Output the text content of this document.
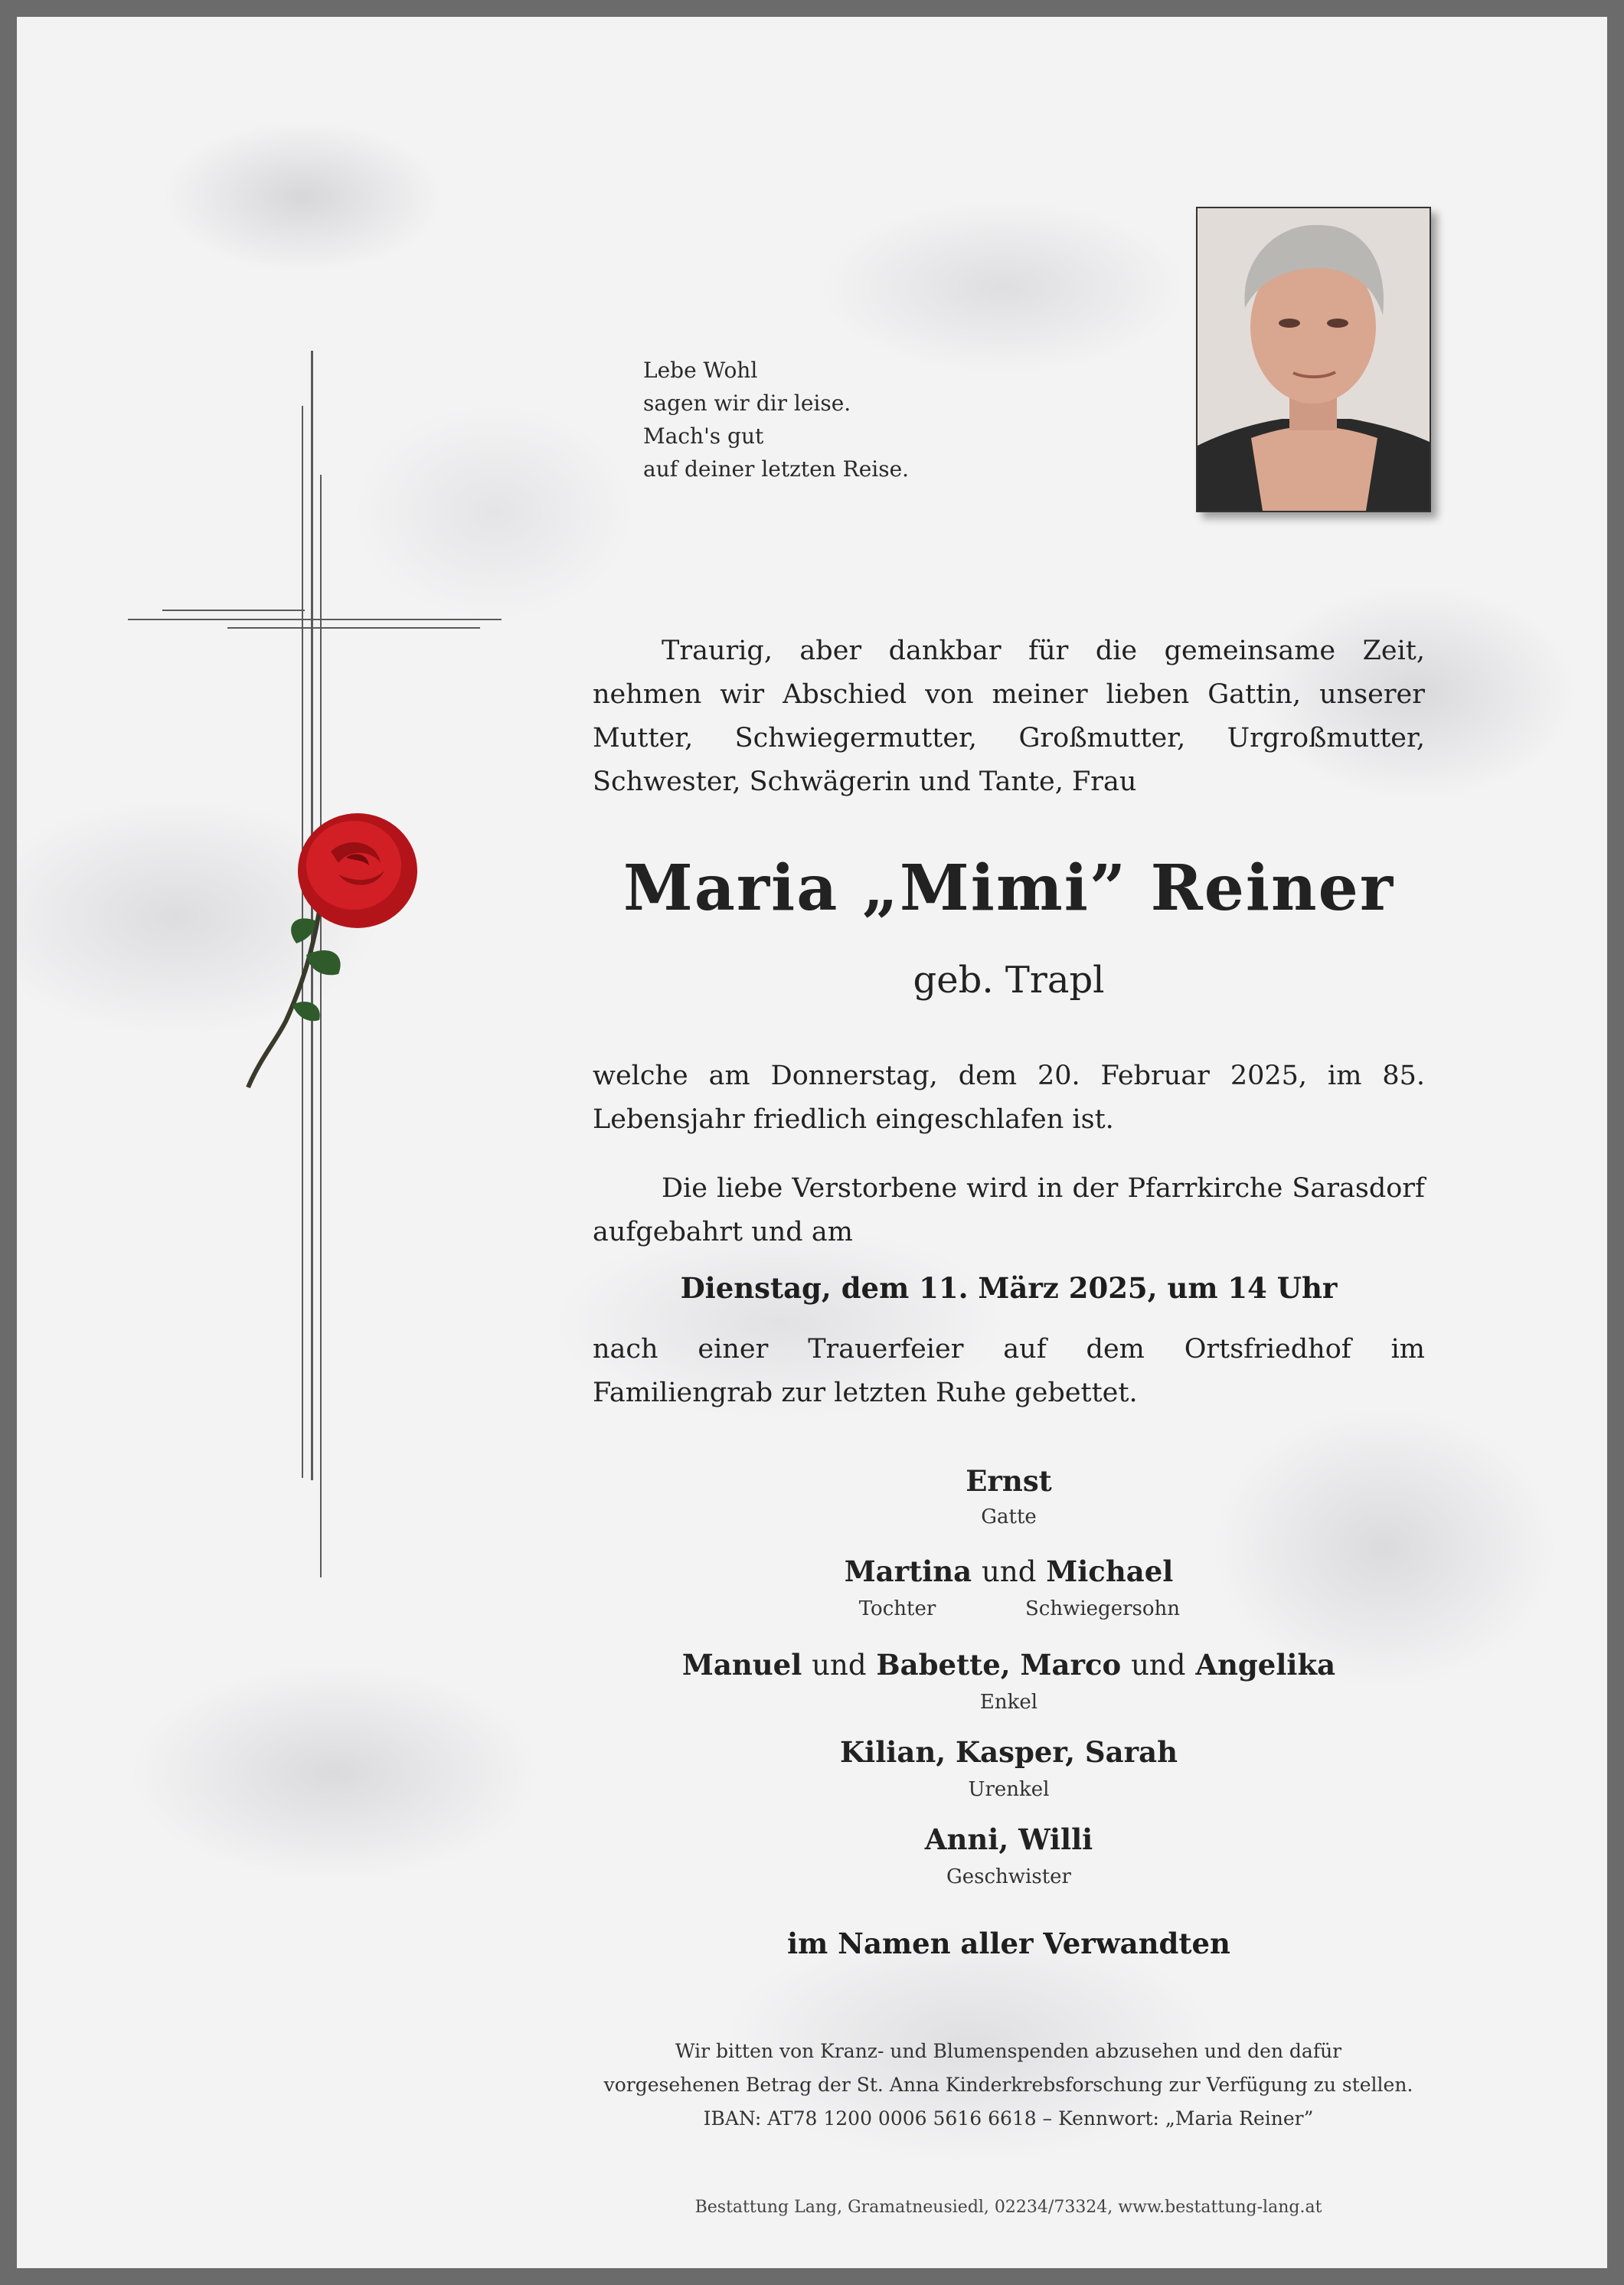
Lebe Wohl
sagen wir dir leise.
Mach's gut
auf deiner letzten Reise.
Traurig, aber dankbar für die gemeinsame Zeit, nehmen wir Abschied von meiner lieben Gattin, unserer Mutter, Schwiegermutter, Großmutter, Urgroßmutter, Schwester, Schwägerin und Tante, Frau
Maria „Mimi” Reiner
geb. Trapl
welche am Donnerstag, dem 20. Februar 2025, im 85. Lebensjahr friedlich eingeschlafen ist.
Die liebe Verstorbene wird in der Pfarrkirche Sarasdorf aufgebahrt und am
Dienstag, dem 11. März 2025, um 14 Uhr
nach einer Trauerfeier auf dem Ortsfriedhof im Familiengrab zur letzten Ruhe gebettet.
Ernst
Gatte
Martina und Michael
Tochter	Schwiegersohn
Manuel und Babette, Marco und Angelika
Enkel
Kilian, Kasper, Sarah
Urenkel
Anni, Willi
Geschwister
im Namen aller Verwandten
Wir bitten von Kranz- und Blumenspenden abzusehen und den dafür
vorgesehenen Betrag der St. Anna Kinderkrebsforschung zur Verfügung zu stellen.
IBAN: AT78 1200 0006 5616 6618 – Kennwort: „Maria Reiner”
Bestattung Lang, Gramatneusiedl, 02234/73324, www.bestattung-lang.at
